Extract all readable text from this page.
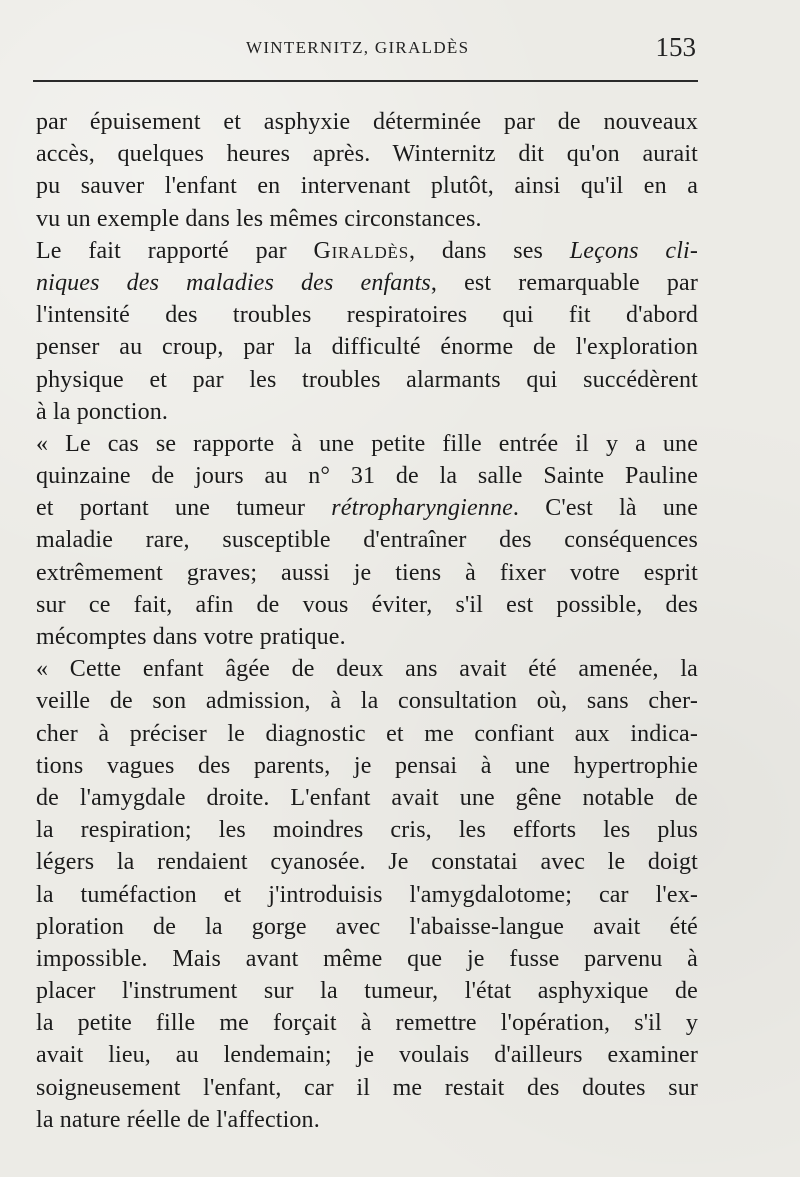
WINTERNITZ, GIRALDÈS	153
par épuisement et asphyxie déterminée par de nouveaux
accès, quelques heures après. Winternitz dit qu'on aurait
pu sauver l'enfant en intervenant plutôt, ainsi qu'il en a
vu un exemple dans les mêmes circonstances.
Le fait rapporté par Giraldès, dans ses Leçons cli-
niques des maladies des enfants, est remarquable par
l'intensité des troubles respiratoires qui fit d'abord
penser au croup, par la difficulté énorme de l'exploration
physique et par les troubles alarmants qui succédèrent
à la ponction.
« Le cas se rapporte à une petite fille entrée il y a une
quinzaine de jours au n° 31 de la salle Sainte Pauline
et portant une tumeur rétropharyngienne. C'est là une
maladie rare, susceptible d'entraîner des conséquences
extrêmement graves; aussi je tiens à fixer votre esprit
sur ce fait, afin de vous éviter, s'il est possible, des
mécomptes dans votre pratique.
« Cette enfant âgée de deux ans avait été amenée, la
veille de son admission, à la consultation où, sans cher-
cher à préciser le diagnostic et me confiant aux indica-
tions vagues des parents, je pensai à une hypertrophie
de l'amygdale droite. L'enfant avait une gêne notable de
la respiration; les moindres cris, les efforts les plus
légers la rendaient cyanosée. Je constatai avec le doigt
la tuméfaction et j'introduisis l'amygdalotome; car l'ex-
ploration de la gorge avec l'abaisse-langue avait été
impossible. Mais avant même que je fusse parvenu à
placer l'instrument sur la tumeur, l'état asphyxique de
la petite fille me forçait à remettre l'opération, s'il y
avait lieu, au lendemain; je voulais d'ailleurs examiner
soigneusement l'enfant, car il me restait des doutes sur
la nature réelle de l'affection.
